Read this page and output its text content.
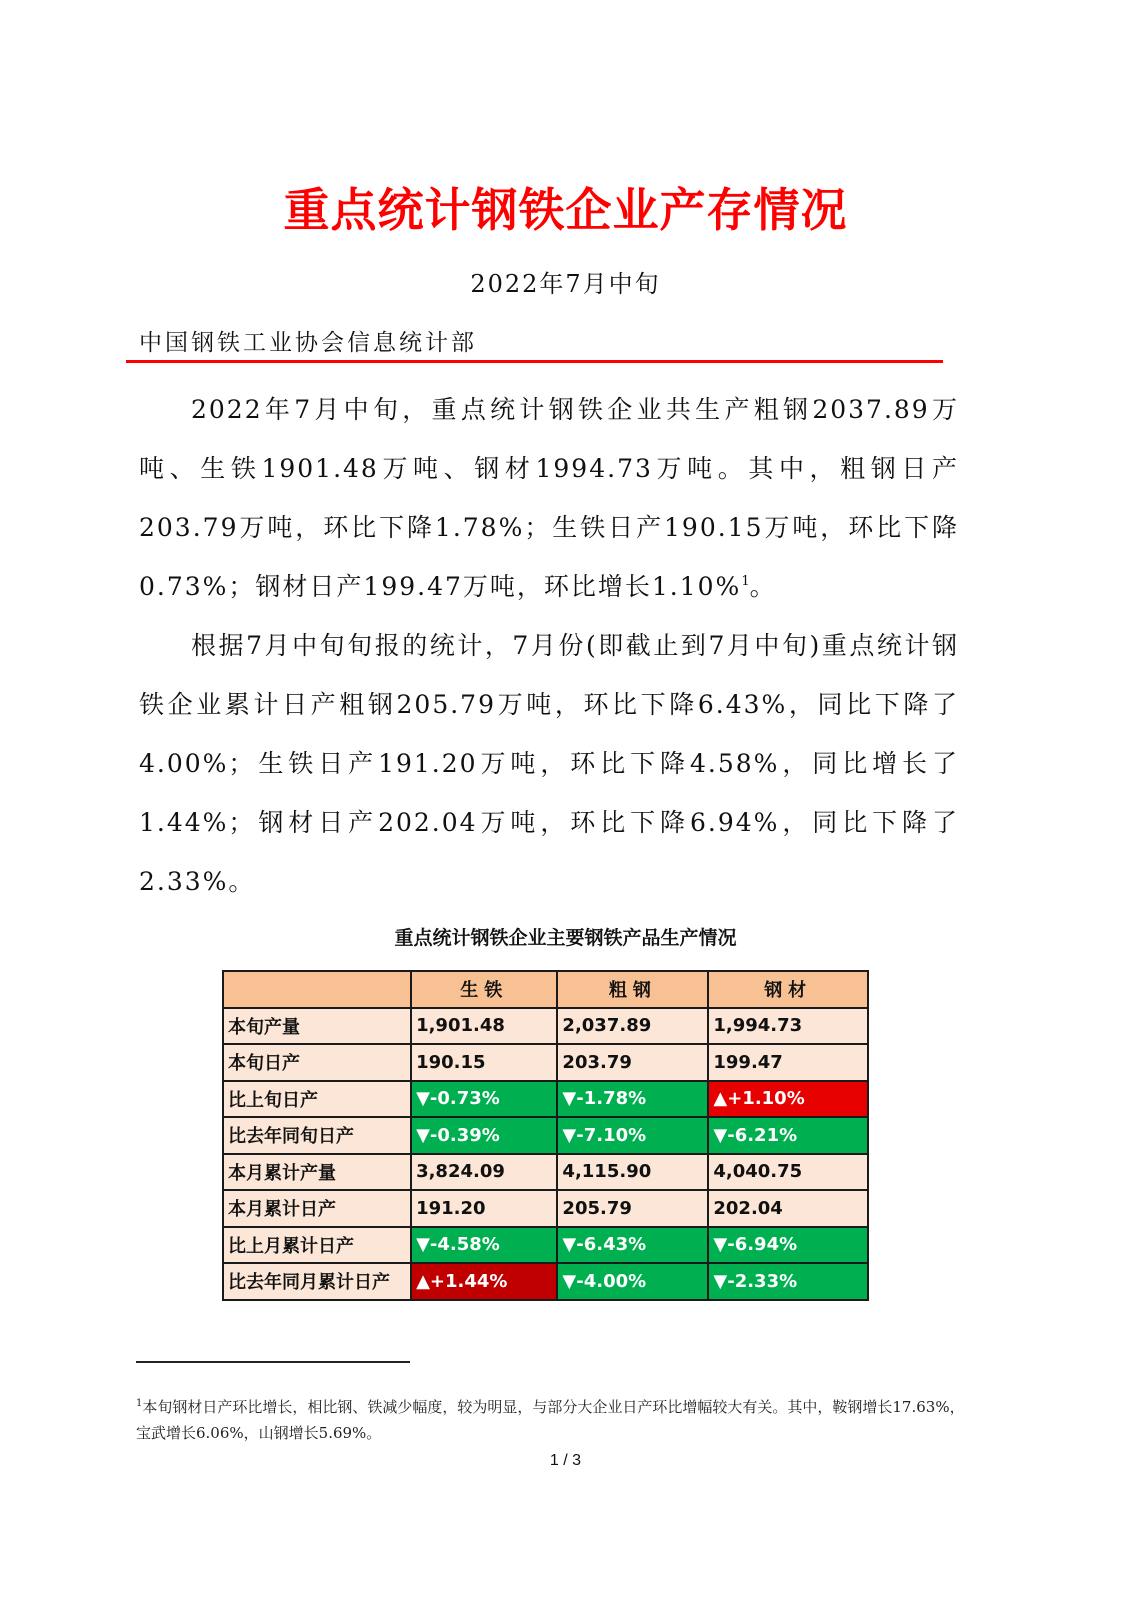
重点统计钢铁企业产存情况
2022年7月中旬
中国钢铁工业协会信息统计部

2022年7月中旬，重点统计钢铁企业共生产粗钢2037.89万吨、生铁1901.48万吨、钢材1994.73万吨。其中，粗钢日产203.79万吨，环比下降1.78%；生铁日产190.15万吨，环比下降0.73%；钢材日产199.47万吨，环比增长1.10%$^1$。

根据7月中旬旬报的统计，7月份(即截止到7月中旬)重点统计钢铁企业累计日产粗钢205.79万吨，环比下降6.43%，同比下降了4.00%；生铁日产191.20万吨，环比下降4.58%，同比增长了1.44%；钢材日产202.04万吨，环比下降6.94%，同比下降了2.33%。

重点统计钢铁企业主要钢铁产品生产情况
	生铁	粗钢	钢材
本旬产量	1,901.48	2,037.89	1,994.73
本旬日产	190.15	203.79	199.47
比上旬日产	▼-0.73%	▼-1.78%	▲+1.10%
比去年同旬日产	▼-0.39%	▼-7.10%	▼-6.21%
本月累计产量	3,824.09	4,115.90	4,040.75
本月累计日产	191.20	205.79	202.04
比上月累计日产	▼-4.58%	▼-6.43%	▼-6.94%
比去年同月累计日产	▲+1.44%	▼-4.00%	▼-2.33%
$^1$本旬钢材日产环比增长，相比钢、铁减少幅度，较为明显，与部分大企业日产环比增幅较大有关。其中，鞍钢增长17.63%，宝武增长6.06%，山钢增长5.69%。
1 / 3
